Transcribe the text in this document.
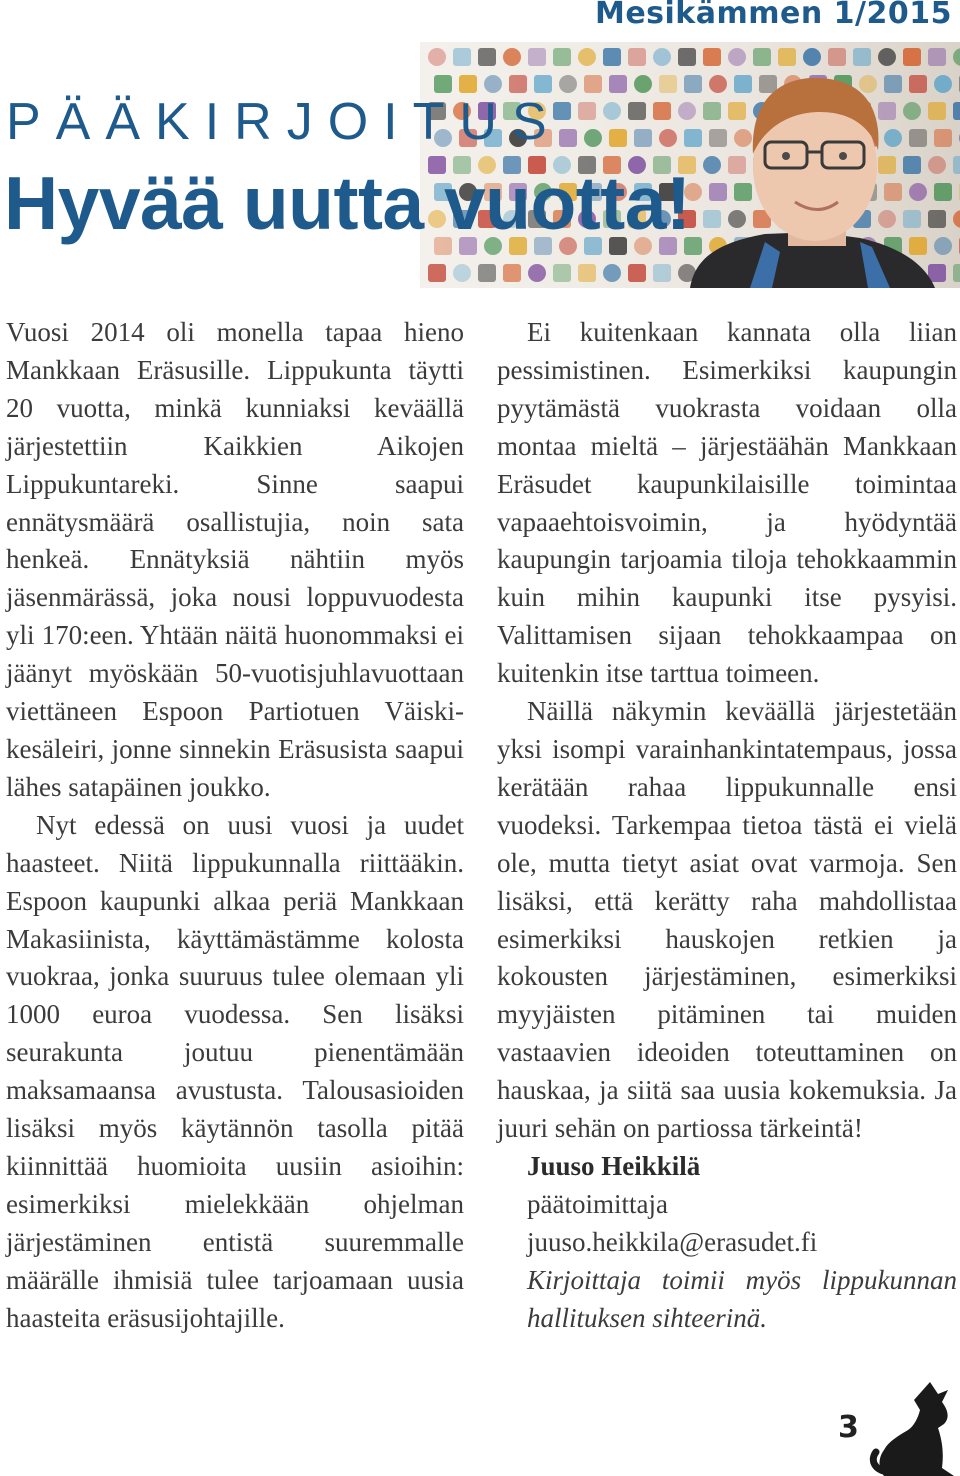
Mesikämmen 1/2015
PÄÄKIRJOITUS
Hyvää uutta vuotta!

Vuosi 2014 oli monella tapaa hieno Mankkaan Eräsusille. Lippukunta täytti 20 vuotta, minkä kunniaksi keväällä järjestettiin Kaikkien Aikojen Lippukuntareki. Sinne saapui ennätysmäärä osallistujia, noin sata henkeä. Ennätyksiä nähtiin myös jäsenmärässä, joka nousi loppuvuodesta yli 170:een. Yhtään näitä huonommaksi ei jäänyt myöskään 50-vuotisjuhlavuottaan viettäneen Espoon Partiotuen Väiski-kesäleiri, jonne sinnekin Eräsusista saapui lähes satapäinen joukko.

Nyt edessä on uusi vuosi ja uudet haasteet. Niitä lippukunnalla riittääkin. Espoon kaupunki alkaa periä Mankkaan Makasiinista, käyttämästämme kolosta vuokraa, jonka suuruus tulee olemaan yli 1000 euroa vuodessa. Sen lisäksi seurakunta joutuu pienentämään maksamaansa avustusta. Talousasioiden lisäksi myös käytännön tasolla pitää kiinnittää huomioita uusiin asioihin: esimerkiksi mielekkään ohjelman järjestäminen entistä suuremmalle määrälle ihmisiä tulee tarjoamaan uusia haasteita eräsusijohtajille.

Ei kuitenkaan kannata olla liian pessimistinen. Esimerkiksi kaupungin pyytämästä vuokrasta voidaan olla montaa mieltä – järjestäähän Mankkaan Eräsudet kaupunkilaisille toimintaa vapaaehtoisvoimin, ja hyödyntää kaupungin tarjoamia tiloja tehokkaammin kuin mihin kaupunki itse pysyisi. Valittamisen sijaan tehokkaampaa on kuitenkin itse tarttua toimeen.

Näillä näkymin keväällä järjestetään yksi isompi varainhankintatempaus, jossa kerätään rahaa lippukunnalle ensi vuodeksi. Tarkempaa tietoa tästä ei vielä ole, mutta tietyt asiat ovat varmoja. Sen lisäksi, että kerätty raha mahdollistaa esimerkiksi hauskojen retkien ja kokousten järjestäminen, esimerkiksi myyjäisten pitäminen tai muiden vastaavien ideoiden toteuttaminen on hauskaa, ja siitä saa uusia kokemuksia. Ja juuri sehän on partiossa tärkeintä!

Juuso Heikkilä
päätoimittaja
juuso.heikkila@erasudet.fi
Kirjoittaja toimii myös lippukunnan hallituksen sihteerinä.
3
